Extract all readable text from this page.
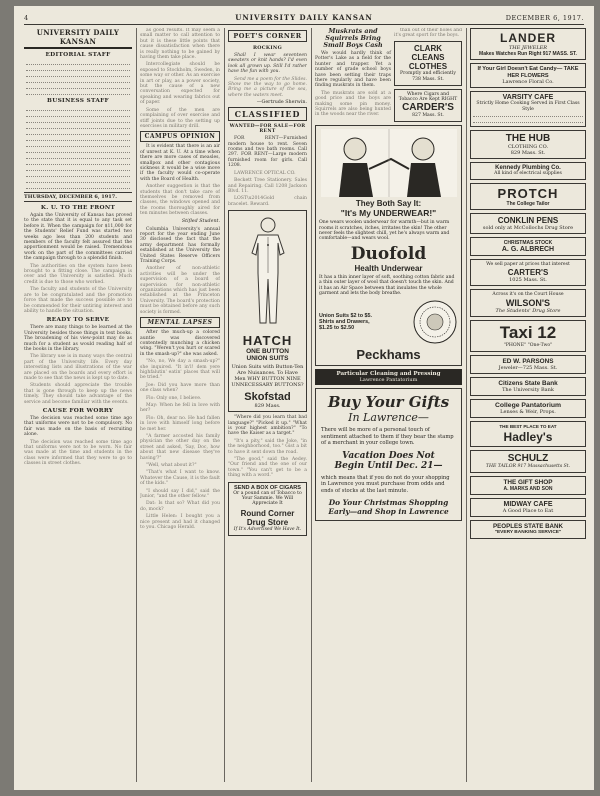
4	UNIVERSITY DAILY KANSAN	DECEMBER 6, 1917.
UNIVERSITY DAILY KANSAN
EDITORIAL STAFF
BUSINESS STAFF
THURSDAY, DECEMBER 6, 1917.
K. U. TO THE FRONT

Again the University of Kansas has proved to the state that it is equal to any task set before it. When the campaign for $11,000 for the Students' Relief Fund was started two weeks ago less than 200 students and members of the faculty felt assured that the apportionment would be raised. Tremendous work on the part of the committees carried the campaign through to a splendid finish.

The authorities on the system have been brought to a fitting close. The campaign is over and the University is satisfied. Much credit is due to those who worked.

The faculty and students of the University are to be congratulated and the promotion force that made the success possible are to be commended for their untiring interest and ability to handle the situation.

READY TO SERVE

There are many things to be learned at the University besides those things in text books. The broadening of his view-point may do as much for a student as would reading half of the books in the library.

The library use is in many ways the central part of the University life. Every day interesting lists and illustrations of the war are placed on the boards and every effort is made to see that the news is kept up to date.

Students should appreciate the trouble that is gone through to keep up the news timely. They should take advantage of the service and become familiar with the events.

CAUSE FOR WORRY

The decision was reached some time ago that uniforms were not to be compulsory. No fair was made on the basis of recruiting alone.

The decision was reached some time ago that uniforms were not to be worn. No fair was made at the time and students in the class were informed that they were to go to classes in street clothes.

as good results. It may seem a small matter to call attention to but it is these little points that cause dissatisfaction when there is really nothing to be gained by having them take place.

Intercollegiate should be exposed to Stockholm, Sweden, in some way or other. As an exercise in art or play, as a power society, but the cause of a new conversation expected for speaking and wearing fabrics out of paper.

Some of the men are complaining of over exercise and stiff joints due to the setting up exercises in military drill.

CAMPUS OPINION

It is evident that there is an air of unrest at K. U. At a time when there are more cases of measles, smallpox and other contagious sickness it would be a wise move if the faculty would co-operate with the Board of Health.

Another suggestion is that the students that don't take care of themselves be removed from classes, the windows opened and the rooms thoroughly aired for ten minutes between classes.

Stifled Student.

Columbia University's annual report for the year ending June 30 disclosed the fact that the army department has formally established at the University the United States Reserve Officers Training Corps.

Another of non-athletic activities will be under the supervision of a board of supervision for non-athletic organizations which has just been established at the Princeton University. The board's protection must be obtained before any such society is formed.

MENTAL LAPSES

After the much-up a colored auntie was discovered contentedly munching a chicken wing. "Weren't you hurt or scared in the smash-up?" she was asked.

"No, no, We day a smash-up?" she inquired. "It in'l! dem yere highfalutin' eatin' places that will be tried."

Joe: Did you have more than one class when?

Flo: Only one, I believe.

May: When he fell in love with her?

Flo: Oh, dear no. He had fallen in love with himself long before he met her.

"A farmer accosted his family physician the other day on the street and asked, 'Say, Doc, how about that new disease they've having'?"

"Well, what about it?"

"That's what I want to know. Whatever the Cause, it is the fault of the kids."

"I should say I did," said the Junior, "and the other fellow."

Dat: Is that so? What did you do, mock?

Little Helen: I bought you a nice present and had it changed to you. Chicago Herald.

POET'S CORNER
ROCKING

Shall I wear seventeen sweaters or knit hands? I'd even look all grown up. Still I'd rather have the fun with you.

Send me a poem for the Slides. Show me the way to go home. Bring me a picture of the sea, where the waters meet.

—Gertrude Sherwin.
CLASSIFIED
WANTED—FOR SALE—FOR RENT

FOR RENT—Furnished modern house to rent. Seven rooms and two bath rooms. Call 297. FOR RENT—Large modern furnished room for girls. Call 1208.

LAWRENCE OPTICAL CO.

Beckett Tree Stationery. Sales and Repairing. Call 1208 Jackson Blvd. 11.

LOST\u2014Gold chain bracelet. Reward.

HATCH
ONE BUTTON
UNION SUITS
Union Suits with Button-Ten Are Nuisances. To Have Men WHY BUTTON NINE UNNECESSARY BUTTONS?
Skofstad
829 Mass.

"Where did you learn that bad language?" "Picked it up." "What is your highest ambition?" "To have the Kaiser as a target."

"It's a pity," said the Joke, "in the neighborhood, too." Gist a bit to have it sent down the road.

"The good," said the Aedey. "Our friend and the one of our town." "You can't get to be a thing with a word."

SEND A BOX OF CIGARS
Or a pound can of Tobacco to Your Sammie. We Will Appreciate It
Round Corner
Drug Store
If It's Advertised We Have It.
Muskrats and Squirrels Bring Small Boys Cash

We would hardly think of Potter's Lake as a field for the hunter and trapper. Yet a number of grade school boys have been setting their traps there regularly and have been finding muskrats in them.

The muskrats are sold at a good price and the boys are making some pin money. Squirrels are also being hunted in the woods near the river.

than out of their holes and it's great sport for the boys.

CLARK CLEANS CLOTHES
Promptly and efficiently 738 Mass. St.
Where Cigars and Tobacco Are Kept RIGHT
CARDER'S
827 Mass. St.
They Both Say It:
"It's My UNDERWEAR!"
One wears woolen underwear for warmth—but in warm rooms it scratches, itches, irritates the skin! The other never feels the slightest chill, yet he's always warm and comfortable—and wears wool.
Duofold
Health Underwear
It has a thin inner layer of soft, soothing cotton fabric and a thin outer layer of wool that doesn't touch the skin. And it has an Air Space between that insulates the whole garment and lets the body breathe.
Union Suits $2 to $5.
Shirts and Drawers,
$1.25 to $2.50
Peckhams
Particular Cleaning and Pressing
Lawrence Pantatorium
Buy Your Gifts
In Lawrence—
There will be more of a personal touch of sentiment attached to them if they bear the stamp of a merchant in your college town.
Vacation Does Not Begin Until Dec. 21—
which means that if you do not do your shopping in Lawrence you must purchase from odds and ends of stocks at the last minute.
Do Your Christmas Shopping
Early—and Shop in Lawrence
LANDER
THE JEWELER
Makes Watches Run Right 917 MASS. ST.
If Your Girl Doesn't Eat Candy— TAKE HER FLOWERS
Lawrence Floral Co.
VARSITY CAFE
Strictly Home Cooking Served in First Class Style
THE HUB
CLOTHING CO.
829 Mass. St.
Kennedy Plumbing Co.
All kind of electrical supplies
PROTCH
The College Tailor
CONKLIN PENS
sold only at McCollochs Drug Store
CHRISTMAS STOCK
A. G. ALBRECH
We sell paper at prices that interest
CARTER'S
1025 Mass. St.
Across it's on the Court House
WILSON'S
The Students' Drug Store
Taxi 12
"PHONE" "One-Two"
ED W. PARSONS
Jeweler—725 Mass. St.
Citizens State Bank
The University Bank
College Pantatorium
Lenses & Weir, Props.
THE BEST PLACE TO EAT
Hadley's
SCHULZ
THE TAILOR 917 Massachusetts St.
THE GIFT SHOP
A. MARKS AND SON
MIDWAY CAFE
A Good Place to Eat
PEOPLES STATE BANK
"EVERY BANKING SERVICE"
